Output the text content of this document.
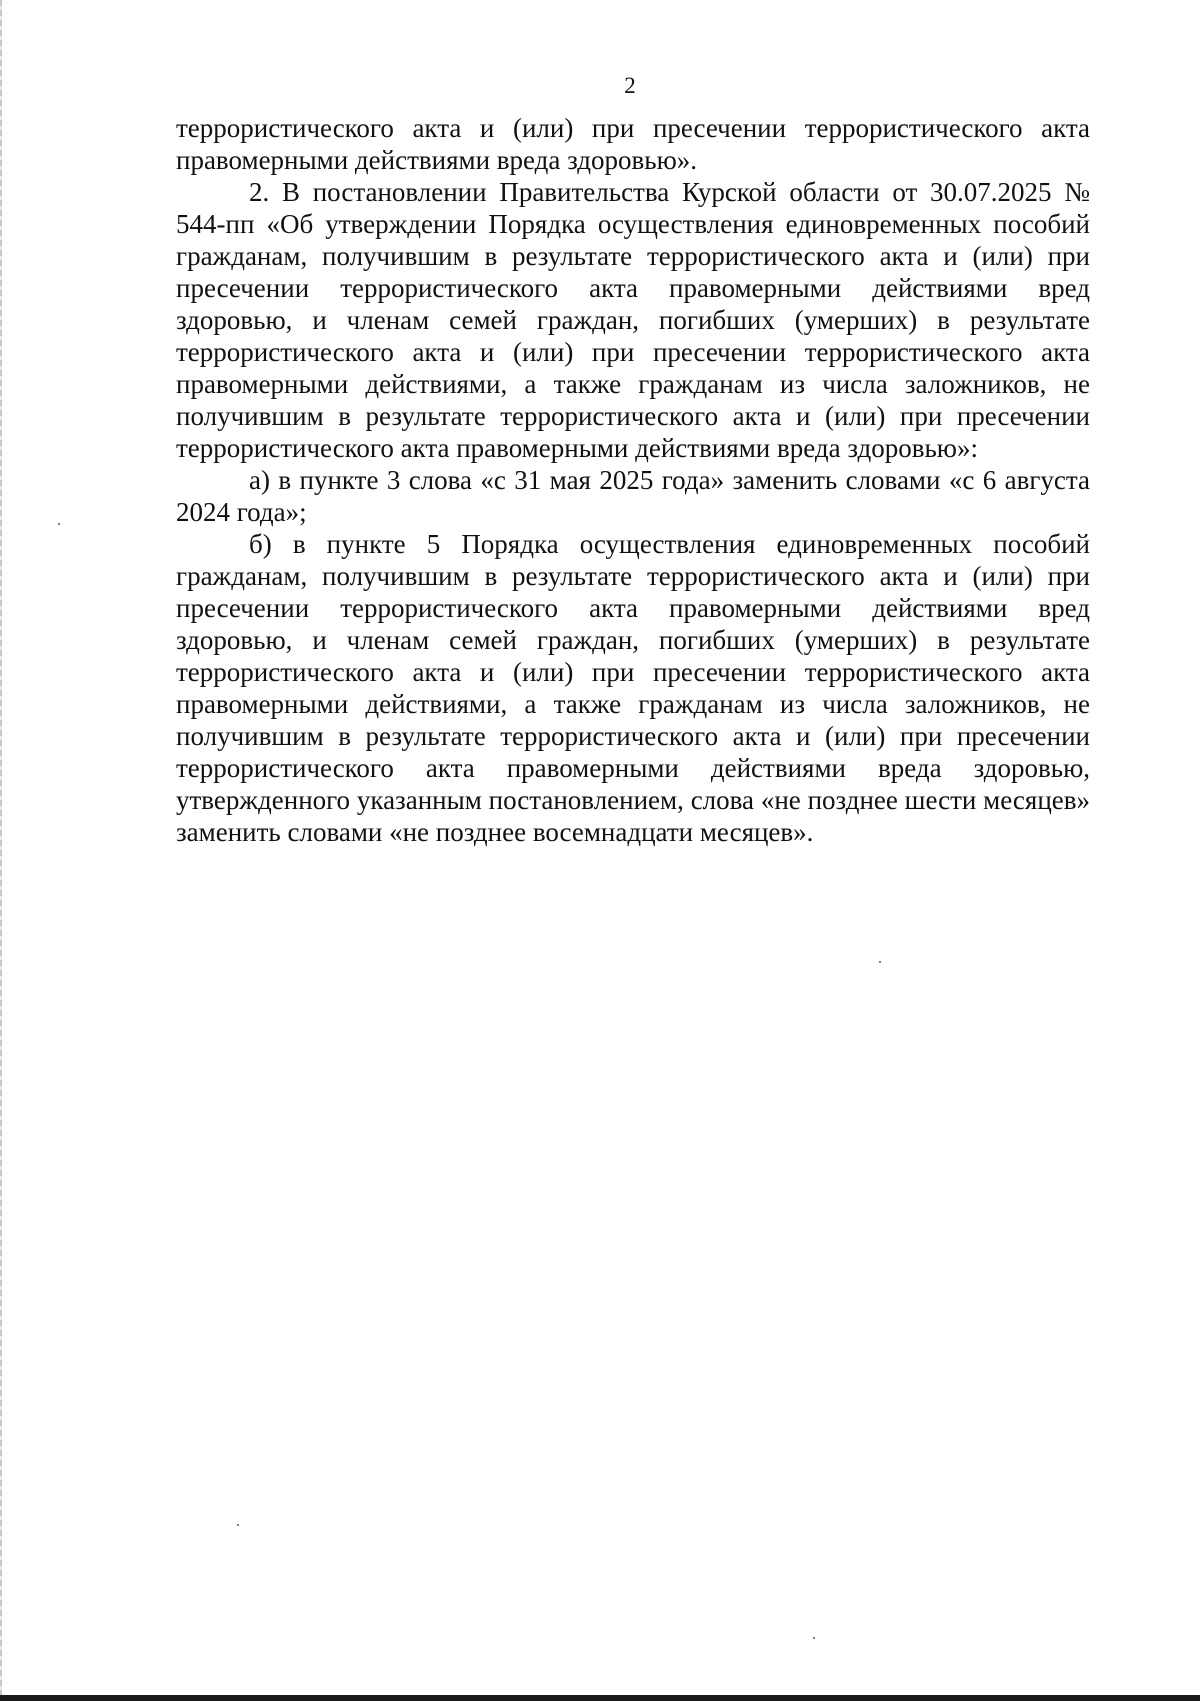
2

террористического акта и (или) при пресечении террористического акта правомерными действиями вреда здоровью».

2. В постановлении Правительства Курской области от 30.07.2025 № 544-пп «Об утверждении Порядка осуществления единовременных пособий гражданам, получившим в результате террористического акта и (или) при пресечении террористического акта правомерными действиями вред здоровью, и членам семей граждан, погибших (умерших) в результате террористического акта и (или) при пресечении террористического акта правомерными действиями, а также гражданам из числа заложников, не получившим в результате террористического акта и (или) при пресечении террористического акта правомерными действиями вреда здоровью»:

а) в пункте 3 слова «с 31 мая 2025 года» заменить словами «с 6 августа 2024 года»;

б) в пункте 5 Порядка осуществления единовременных пособий гражданам, получившим в результате террористического акта и (или) при пресечении террористического акта правомерными действиями вред здоровью, и членам семей граждан, погибших (умерших) в результате террористического акта и (или) при пресечении террористического акта правомерными действиями, а также гражданам из числа заложников, не получившим в результате террористического акта и (или) при пресечении террористического акта правомерными действиями вреда здоровью, утвержденного указанным постановлением, слова «не позднее шести месяцев» заменить словами «не позднее восемнадцати месяцев».
